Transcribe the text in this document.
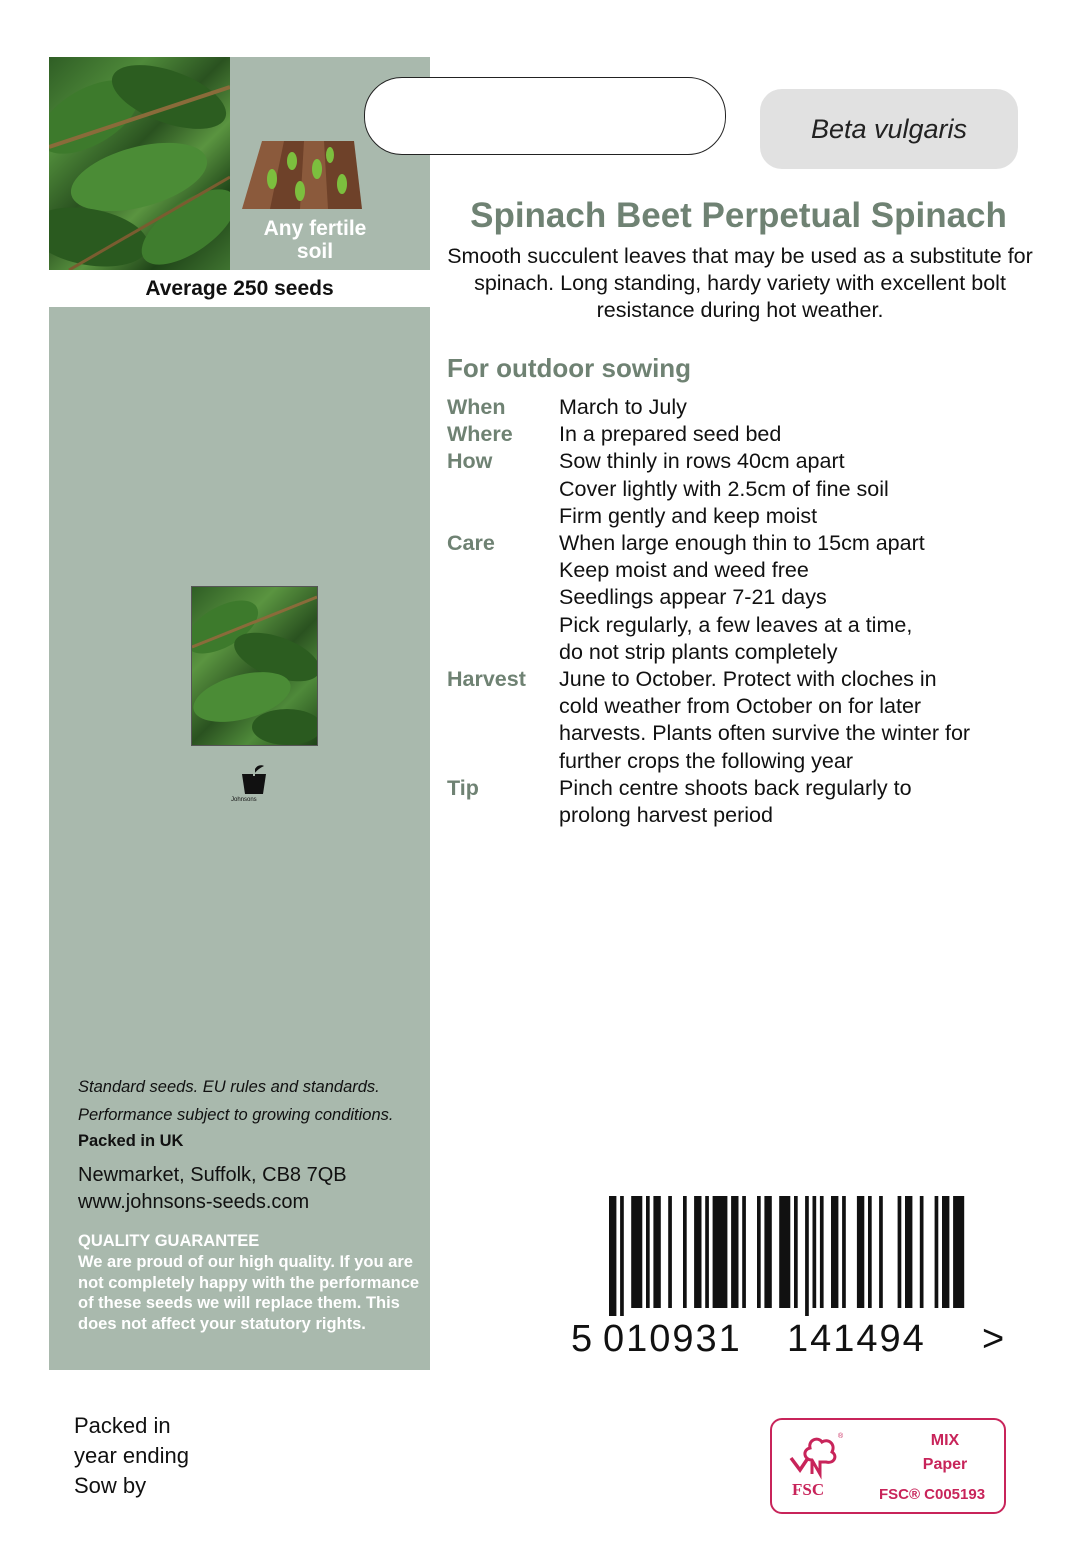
Any fertile
soil
Average 250 seeds
Johnsons
Standard seeds. EU rules and standards.
Performance subject to growing conditions.
Packed in UK
Newmarket, Suffolk, CB8 7QB
www.johnsons-seeds.com
QUALITY GUARANTEE
We are proud of our high quality. If you are not completely happy with the performance of these seeds we will replace them. This does not affect your statutory rights.
Packed in
year ending
Sow by
Beta vulgaris
Spinach Beet Perpetual Spinach
Smooth succulent leaves that may be used as a substitute for spinach. Long standing, hardy variety with excellent bolt resistance during hot weather.
For outdoor sowing
When March to July
Where In a prepared seed bed
How	Sow thinly in rows 40cm apart
Cover lightly with 2.5cm of fine soil
Firm gently and keep moist
Care	When large enough thin to 15cm apart
Keep moist and weed free
Seedlings appear 7-21 days
Pick regularly, a few leaves at a time,
do not strip plants completely
Harvest June to October. Protect with cloches in
cold weather from October on for later
harvests. Plants often survive the winter for
further crops the following year
Tip	Pinch centre shoots back regularly to
prolong harvest period
5 010931 141494 >
®
FSC
MIX
Paper
FSC® C005193
